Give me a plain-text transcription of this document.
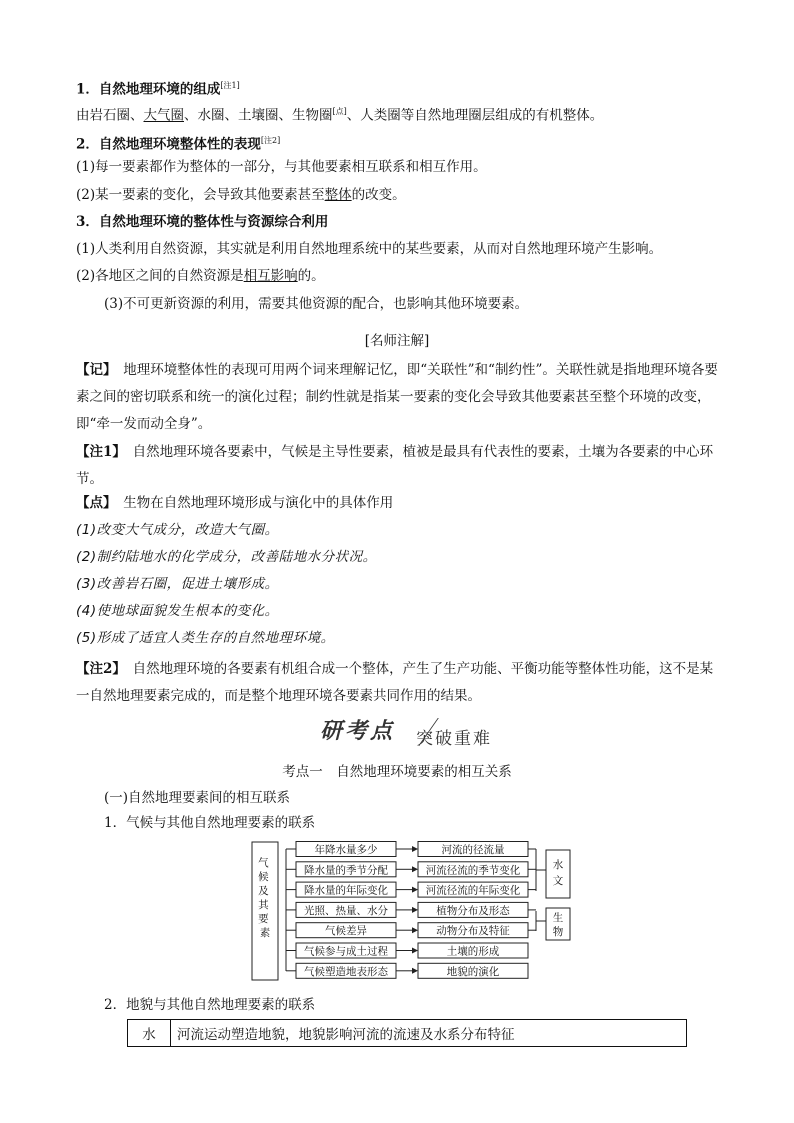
1．自然地理环境的组成[注1]
由岩石圈、大气圈、水圈、土壤圈、生物圈[点]、人类圈等自然地理圈层组成的有机整体。
2．自然地理环境整体性的表现[注2]
(1)每一要素都作为整体的一部分，与其他要素相互联系和相互作用。
(2)某一要素的变化，会导致其他要素甚至整体的改变。
3．自然地理环境的整体性与资源综合利用
(1)人类利用自然资源，其实就是利用自然地理系统中的某些要素，从而对自然地理环境产生影响。
(2)各地区之间的自然资源是相互影响的。
(3)不可更新资源的利用，需要其他资源的配合，也影响其他环境要素。
[名师注解]
【记】　 地理环境整体性的表现可用两个词来理解记忆，即“关联性”和“制约性”。关联性就是指地理环境各要素之间的密切联系和统一的演化过程；制约性就是指某一要素的变化会导致其他要素甚至整个环境的改变，即“牵一发而动全身”。
【注1】　 自然地理环境各要素中，气候是主导性要素，植被是最具有代表性的要素，土壤为各要素的中心环节。
【点】　 生物在自然地理环境形成与演化中的具体作用
(1)改变大气成分，改造大气圈。
(2)制约陆地水的化学成分，改善陆地水分状况。
(3)改善岩石圈，促进土壤形成。
(4)使地球面貌发生根本的变化。
(5)形成了适宜人类生存的自然地理环境。
【注2】　 自然地理环境的各要素有机组合成一个整体，产生了生产功能、平衡功能等整体性功能，这不是某一自然地理要素完成的，而是整个地理环境各要素共同作用的结果。
研考点 突破重难
考点一　自然地理环境要素的相互关系
(一)自然地理要素间的相互联系
1．气候与其他自然地理要素的联系
气 候 及 其 要 素
年降水量多少	河流的径流量
降水量的季节分配	河流径流的季节变化
降水量的年际变化	河流径流的年际变化
光照、热量、水分	植物分布及形态
气候差异	动物分布及特征
气候参与成土过程	土壤的形成
气候塑造地表形态	地貌的演化
水
文
生
物
2．地貌与其他自然地理要素的联系
水	河流运动塑造地貌，地貌影响河流的流速及水系分布特征
